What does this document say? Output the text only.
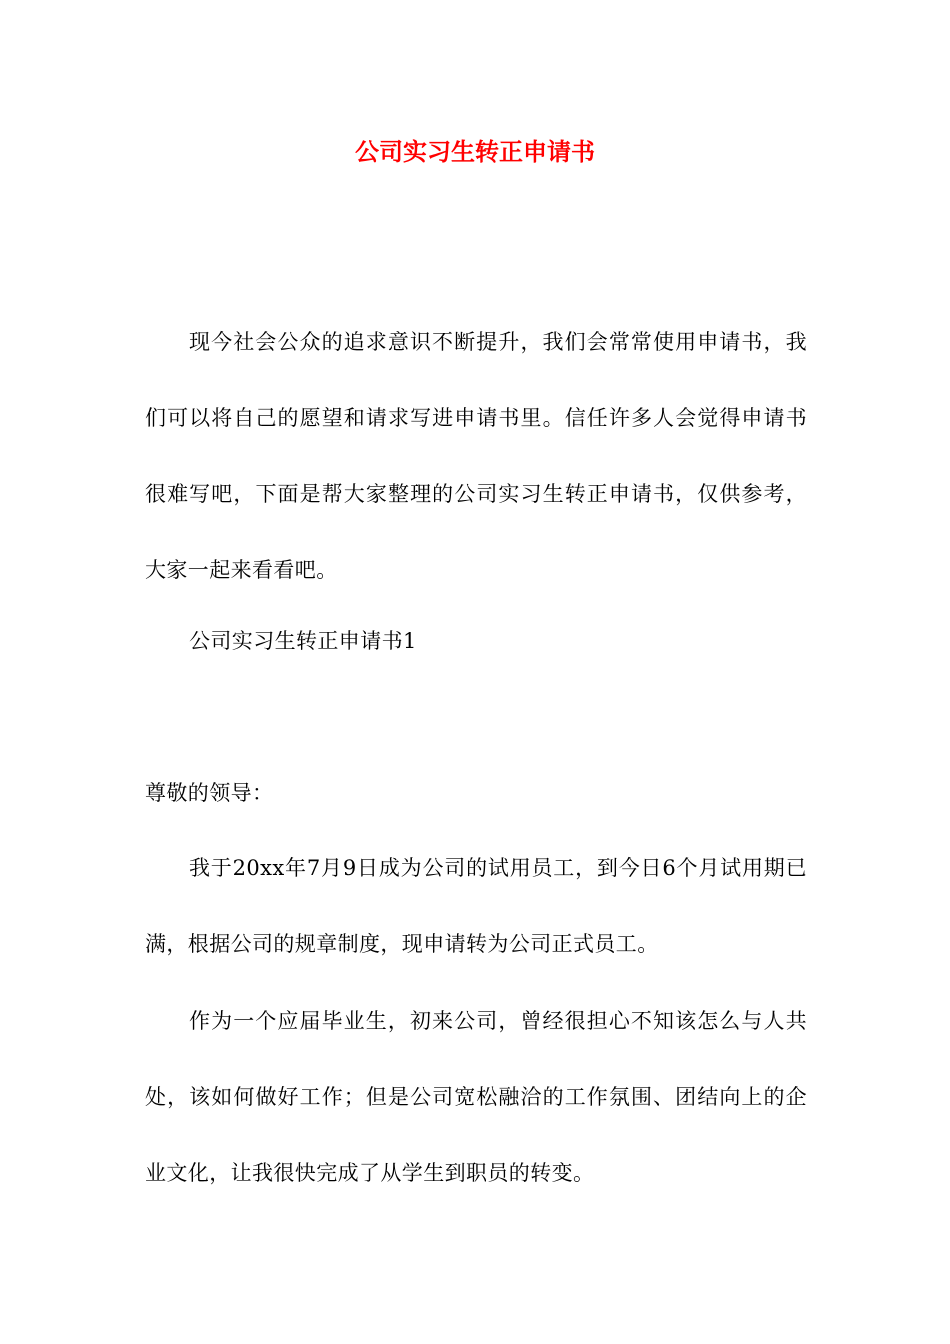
公司实习生转正申请书

现今社会公众的追求意识不断提升，我们会常常使用申请书，我们可以将自己的愿望和请求写进申请书里。信任许多人会觉得申请书很难写吧，下面是帮大家整理的公司实习生转正申请书，仅供参考，大家一起来看看吧。

公司实习生转正申请书1

尊敬的领导：

我于20xx年7月9日成为公司的试用员工，到今日6个月试用期已满，根据公司的规章制度，现申请转为公司正式员工。

作为一个应届毕业生，初来公司，曾经很担心不知该怎么与人共处，该如何做好工作；但是公司宽松融洽的工作氛围、团结向上的企业文化，让我很快完成了从学生到职员的转变。
